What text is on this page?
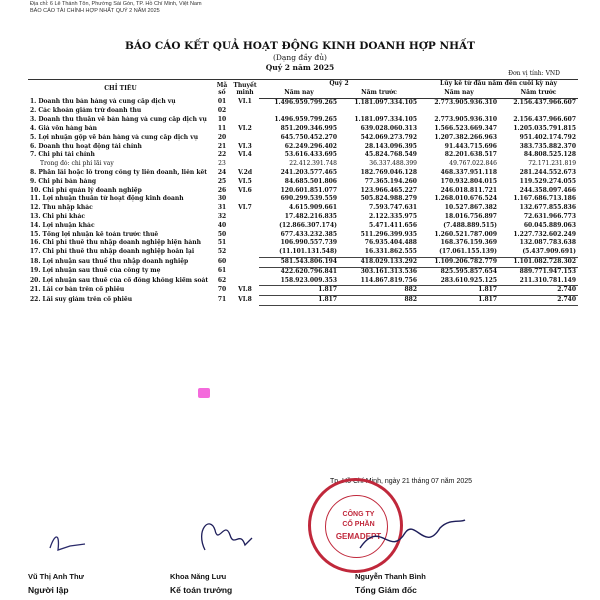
Địa chỉ: 6 Lê Thánh Tôn, Phường Sài Gòn, TP. Hồ Chí Minh, Việt Nam
BÁO CÁO TÀI CHÍNH HỢP NHẤT QUÝ 2 NĂM 2025
BÁO CÁO KẾT QUẢ HOẠT ĐỘNG KINH DOANH HỢP NHẤT
(Dạng đầy đủ)
Quý 2 năm 2025
Đơn vị tính: VND
CHỈ TIÊU	Mã số	Thuyết minh	Quý 2		Lũy kế từ đầu năm đến cuối kỳ này	
			Năm nay	Năm trước	Năm nay	Năm trước
1. Doanh thu bán hàng và cung cấp dịch vụ	01	VI.1	1.496.959.799.265	1.181.097.334.105	2.773.905.936.310	2.156.437.966.607
2. Các khoản giảm trừ doanh thu	02					
3. Doanh thu thuần về bán hàng và cung cấp dịch vụ	10		1.496.959.799.265	1.181.097.334.105	2.773.905.936.310	2.156.437.966.607
4. Giá vốn hàng bán	11	VI.2	851.209.346.995	639.028.060.313	1.566.523.669.347	1.205.035.791.815
5. Lợi nhuận gộp về bán hàng và cung cấp dịch vụ	20		645.750.452.270	542.069.273.792	1.207.382.266.963	951.402.174.792
6. Doanh thu hoạt động tài chính	21	VI.3	62.249.296.402	28.143.096.395	91.443.715.696	383.735.882.370
7. Chi phí tài chính	22	VI.4	53.616.433.695	45.824.768.549	82.201.638.517	84.808.525.128
Trong đó: chi phí lãi vay	23		22.412.391.748	36.337.488.399	49.767.022.846	72.171.231.819
8. Phần lãi hoặc lỗ trong công ty liên doanh, liên kết	24	V.2d	241.203.577.465	182.769.046.128	468.337.951.118	281.244.552.673
9. Chi phí bán hàng	25	VI.5	84.685.501.806	77.365.194.260	170.932.804.015	119.529.274.055
10. Chi phí quản lý doanh nghiệp	26	VI.6	120.601.851.077	123.966.465.227	246.018.811.721	244.358.097.466
11. Lợi nhuận thuần từ hoạt động kinh doanh	30		690.299.539.559	505.824.988.279	1.268.010.676.524	1.167.686.713.186
12. Thu nhập khác	31	VI.7	4.615.909.661	7.593.747.631	10.527.867.382	132.677.855.836
13. Chi phí khác	32		17.482.216.835	2.122.335.975	18.016.756.897	72.631.966.773
14. Lợi nhuận khác	40		(12.866.307.174)	5.471.411.656	(7.488.889.515)	60.045.889.063
15. Tổng lợi nhuận kế toán trước thuế	50		677.433.232.385	511.296.399.935	1.260.521.787.009	1.227.732.602.249
16. Chi phí thuế thu nhập doanh nghiệp hiện hành	51		106.990.557.739	76.935.404.488	168.376.159.369	132.087.783.638
17. Chi phí thuế thu nhập doanh nghiệp hoãn lại	52		(11.101.131.548)	16.331.862.555	(17.061.155.139)	(5.437.909.691)
18. Lợi nhuận sau thuế thu nhập doanh nghiệp	60		581.543.806.194	418.029.133.292	1.109.206.782.779	1.101.082.728.302
19. Lợi nhuận sau thuế của công ty mẹ	61		422.620.796.841	303.161.313.536	825.595.857.654	889.771.947.153
20. Lợi nhuận sau thuế của cổ đông không kiểm soát	62		158.923.009.353	114.867.819.756	283.610.925.125	211.310.781.149
21. Lãi cơ bản trên cổ phiếu	70	VI.8	1.817	882	1.817	2.740
22. Lãi suy giảm trên cổ phiếu	71	VI.8	1.817	882	1.817	2.740
Tp. Hồ Chí Minh, ngày 21 tháng 07 năm 2025
CÔNG TY
CỔ PHẦN
GEMADEPT
Vũ Thị Anh Thư
Người lập
Khoa Năng Lưu
Kế toán trưởng
Nguyễn Thanh Bình
Tổng Giám đốc
